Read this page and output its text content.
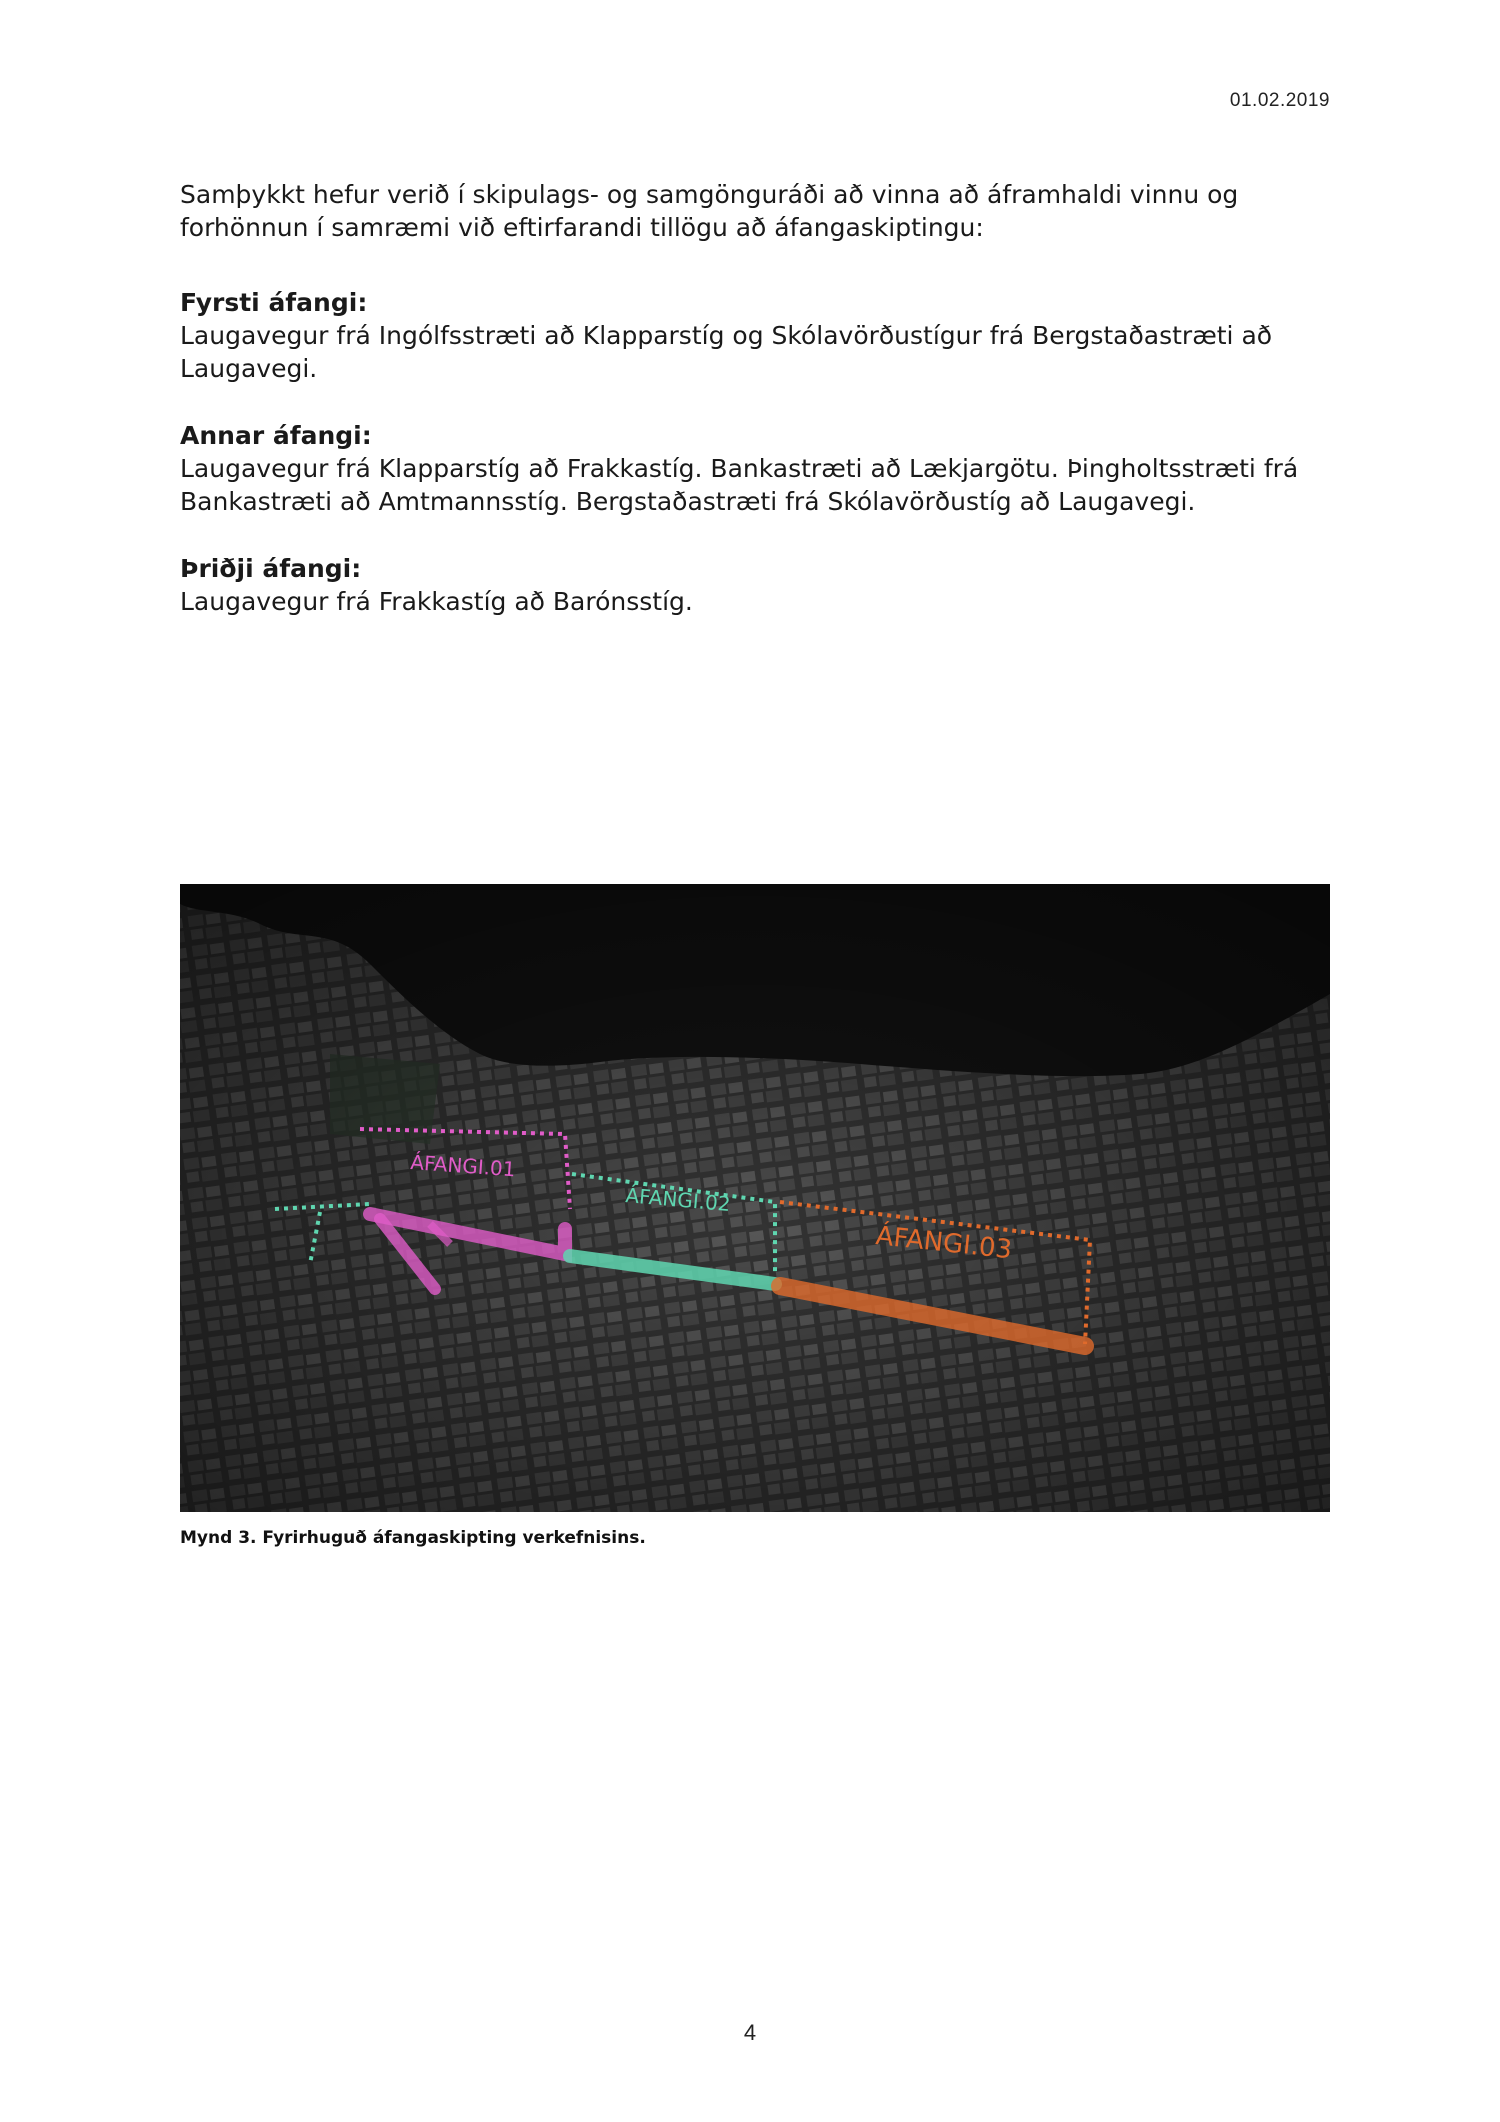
01.02.2019

Samþykkt hefur verið í skipulags- og samgönguráði að vinna að áframhaldi vinnu og forhönnun í samræmi við eftirfarandi tillögu að áfangaskiptingu:

Fyrsti áfangi:

Laugavegur frá Ingólfsstræti að Klapparstíg og Skólavörðustígur frá Bergstaðastræti að Laugavegi.

Annar áfangi:

Laugavegur frá Klapparstíg að Frakkastíg. Bankastræti að Lækjargötu. Þingholtsstræti frá Bankastræti að Amtmannsstíg. Bergstaðastræti frá Skólavörðustíg að Laugavegi.

Þriðji áfangi:

Laugavegur frá Frakkastíg að Barónsstíg.

ÁFANGI.01
ÁFANGI.02
ÁFANGI.03
Mynd 3. Fyrirhuguð áfangaskipting verkefnisins.
4
